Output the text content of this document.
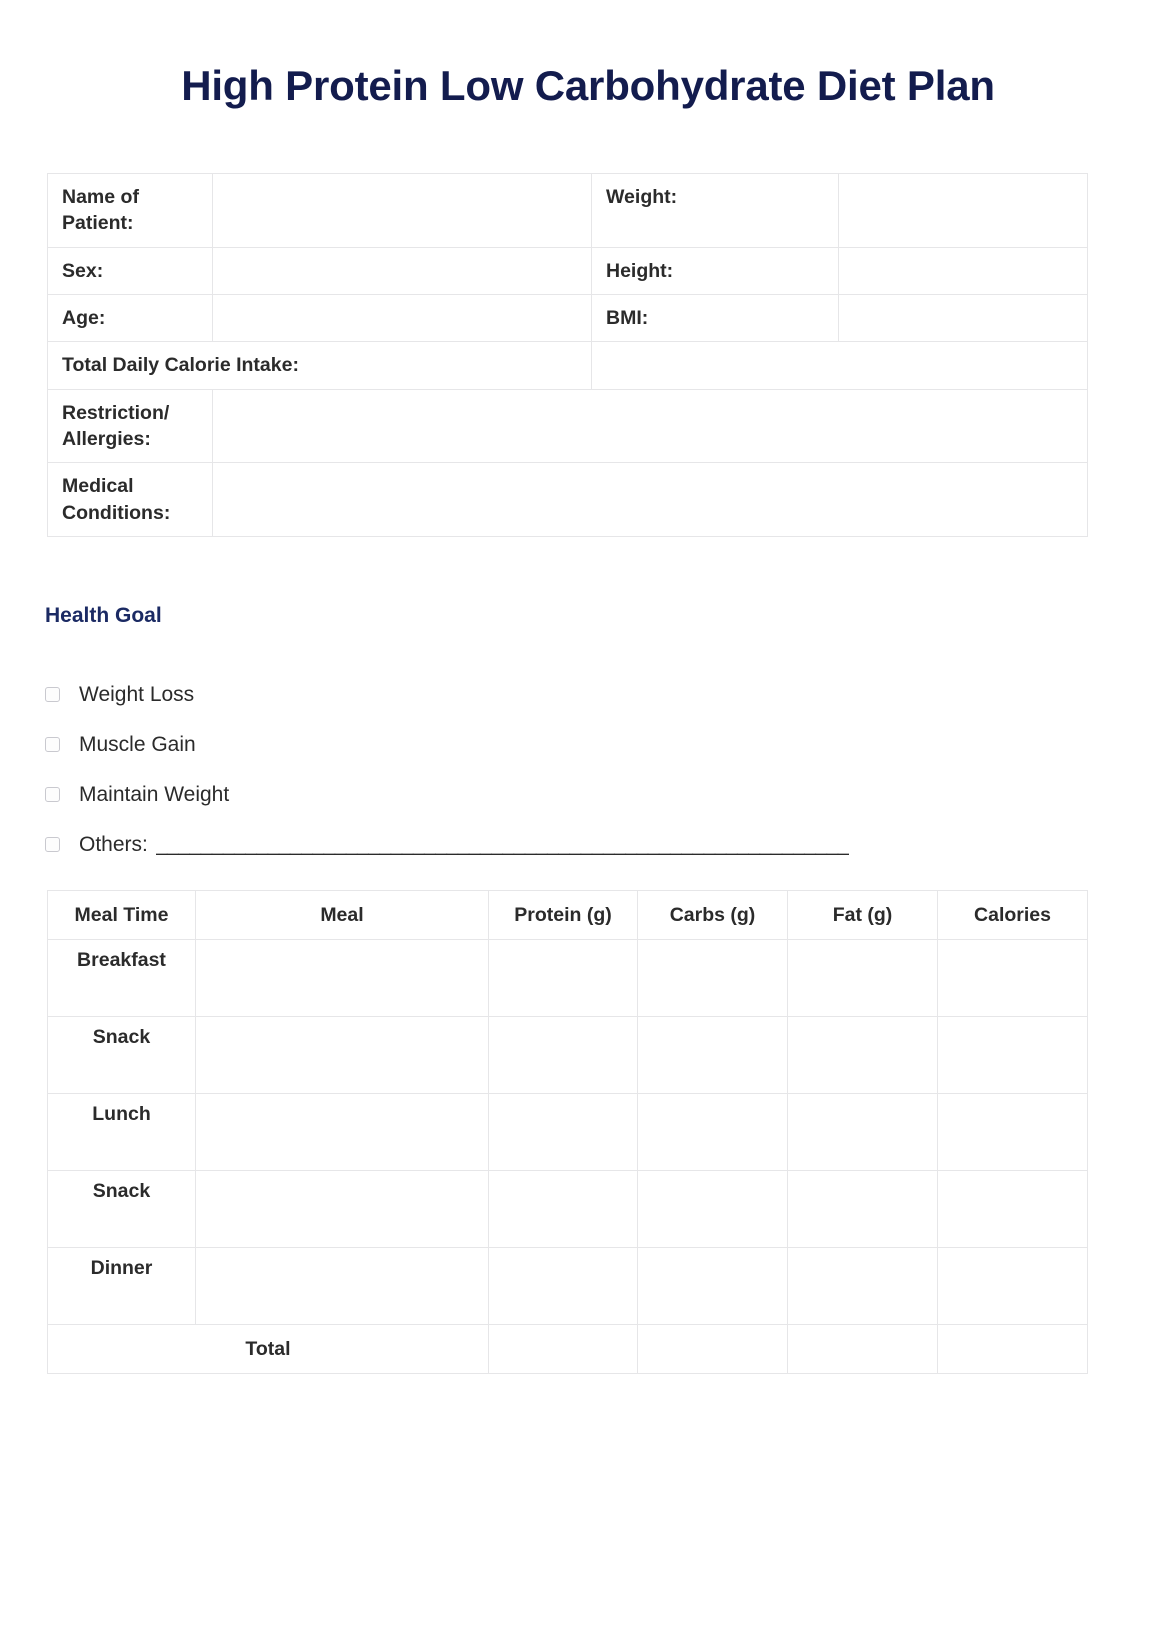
High Protein Low Carbohydrate Diet Plan
Name of Patient:		Weight:	
Sex:		Height:	
Age:		BMI:	
Total Daily Calorie Intake:			
Restriction/ Allergies:			
Medical Conditions:			
Health Goal
Weight Loss
Muscle Gain
Maintain Weight
Others: ______________________________________________________________
Meal Time	Meal	Protein (g)	Carbs (g)	Fat (g)	Calories
Breakfast					
Snack					
Lunch					
Snack					
Dinner					
Total					
